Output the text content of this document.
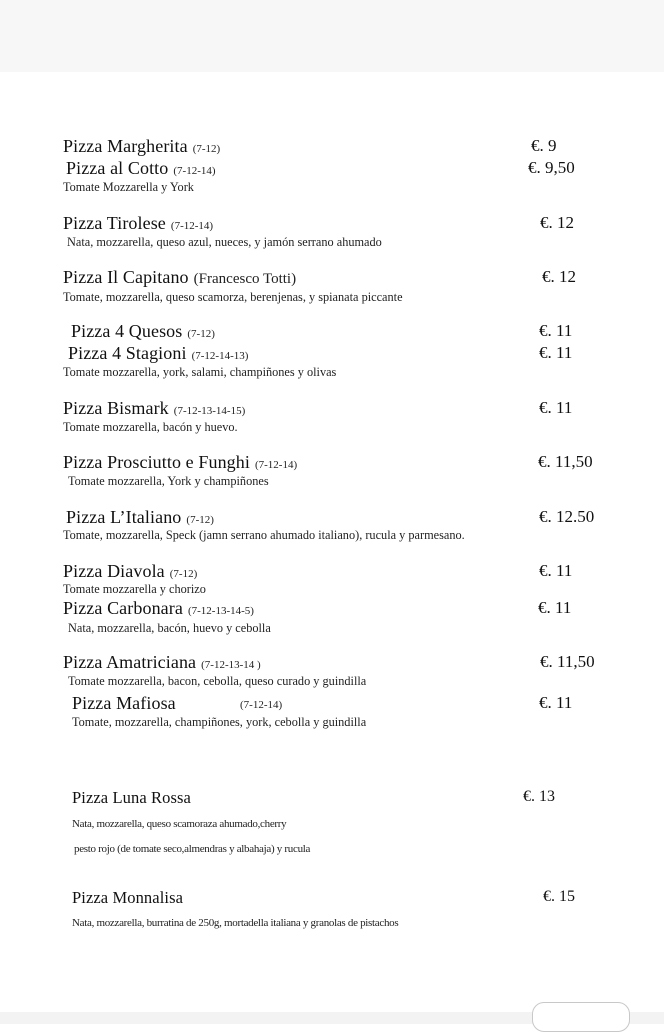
Pizza Margherita (7-12)	€. 9
Pizza al Cotto (7-12-14)	€. 9,50
Tomate Mozzarella y York
Pizza Tirolese (7-12-14)	€. 12
Nata, mozzarella, queso azul, nueces, y jamón serrano ahumado
Pizza Il Capitano (Francesco Totti)	€. 12
Tomate, mozzarella, queso scamorza, berenjenas, y spianata piccante
Pizza 4 Quesos (7-12)	€. 11
Pizza 4 Stagioni (7-12-14-13)	€. 11
Tomate mozzarella, york, salami, champiñones y olivas
Pizza Bismark (7-12-13-14-15)	€. 11
Tomate mozzarella, bacón y huevo.
Pizza Prosciutto e Funghi (7-12-14)	€. 11,50
Tomate mozzarella, York y champiñones
Pizza L’Italiano (7-12)	€. 12.50
Tomate, mozzarella, Speck (jamn serrano ahumado italiano), rucula y parmesano.
Pizza Diavola (7-12)	€. 11
Tomate mozzarella y chorizo
Pizza Carbonara (7-12-13-14-5)	€. 11
Nata, mozzarella, bacón, huevo y cebolla
Pizza Amatriciana (7-12-13-14 )	€. 11,50
Tomate mozzarella, bacon, cebolla, queso curado y guindilla
Pizza Mafiosa	(7-12-14)	€. 11
Tomate, mozzarella, champiñones, york, cebolla y guindilla
Pizza Luna Rossa	€. 13
Nata, mozzarella, queso scamoraza ahumado,cherry
pesto rojo (de tomate seco,almendras y albahaja) y rucula
Pizza Monnalisa	€. 15
Nata, mozzarella, burratina de 250g, mortadella italiana y granolas de pistachos
